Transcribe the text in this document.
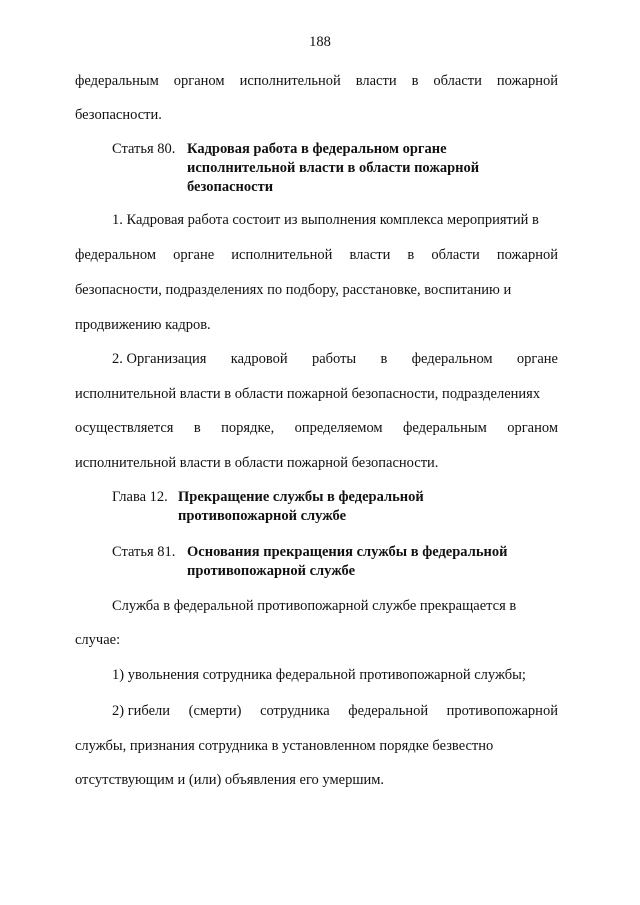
188
федеральным органом исполнительной власти в области пожарной
безопасности.
Статья 80. Кадровая работа в федеральном органе
исполнительной власти в области пожарной
безопасности
1. Кадровая работа состоит из выполнения комплекса мероприятий в
федеральном органе исполнительной власти в области пожарной
безопасности, подразделениях по подбору, расстановке, воспитанию и
продвижению кадров.
2. Организация кадровой работы в федеральном органе
исполнительной власти в области пожарной безопасности, подразделениях
осуществляется в порядке, определяемом федеральным органом
исполнительной власти в области пожарной безопасности.
Глава 12. Прекращение службы в федеральной
противопожарной службе
Статья 81. Основания прекращения службы в федеральной
противопожарной службе
Служба в федеральной противопожарной службе прекращается в
случае:
1) увольнения сотрудника федеральной противопожарной службы;
2) гибели (смерти) сотрудника федеральной противопожарной
службы, признания сотрудника в установленном порядке безвестно
отсутствующим и (или) объявления его умершим.
